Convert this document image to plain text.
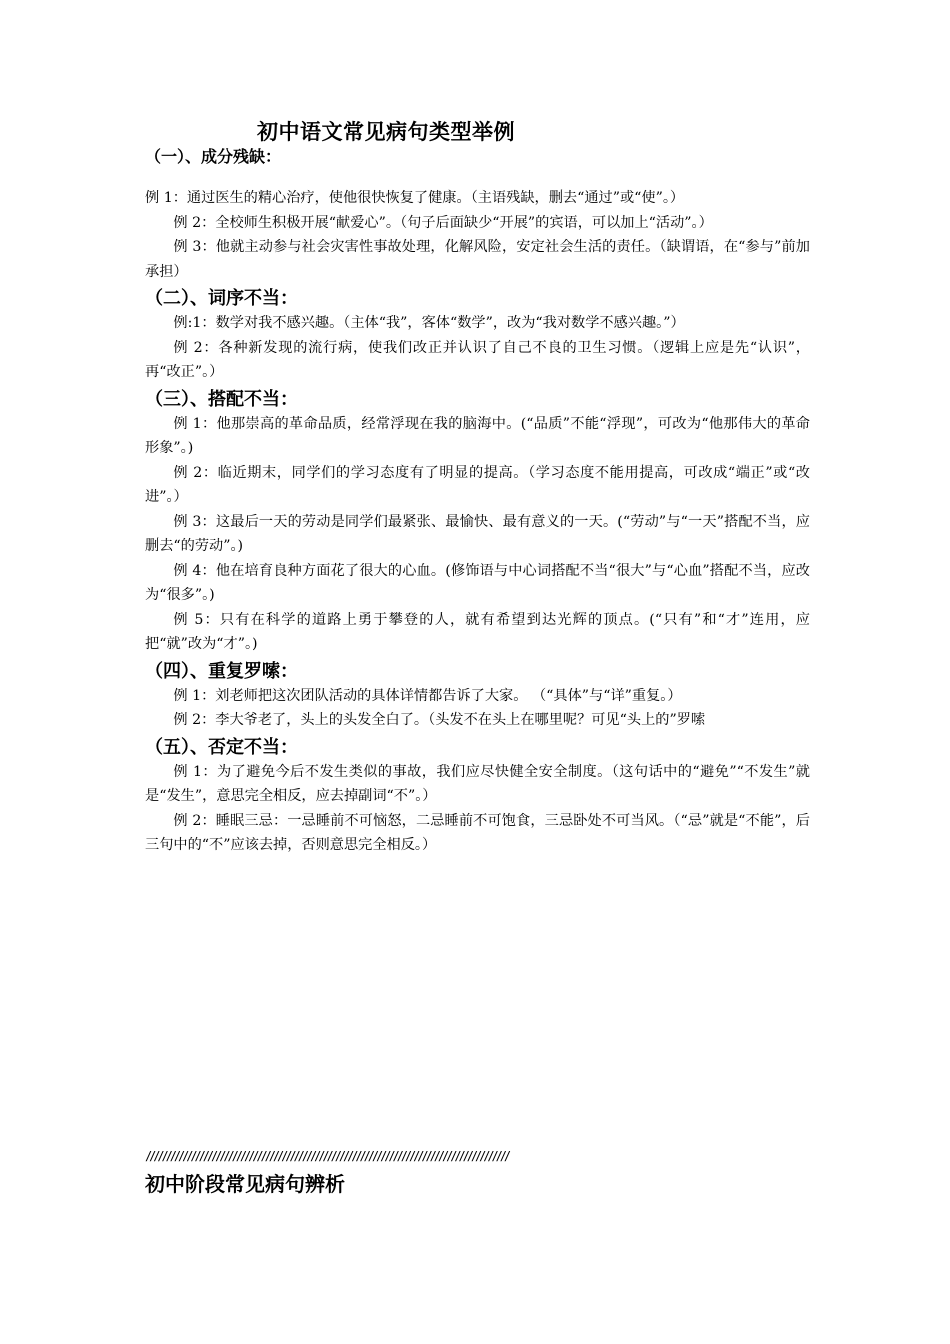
初中语文常见病句类型举例
（一）、成分残缺：

例 1：通过医生的精心治疗，使他很快恢复了健康。（主语残缺，删去“通过”或“使”。）

例 2：全校师生积极开展“献爱心”。（句子后面缺少“开展”的宾语，可以加上“活动”。）

例 3：他就主动参与社会灾害性事故处理，化解风险，安定社会生活的责任。（缺谓语，在“参与”前加承担）

（二）、词序不当：

例:1：数学对我不感兴趣。（主体“我”，客体“数学”，改为“我对数学不感兴趣。”）

例 2：各种新发现的流行病，使我们改正并认识了自己不良的卫生习惯。（逻辑上应是先“认识”，再“改正”。）

（三）、搭配不当：

例 1：他那崇高的革命品质，经常浮现在我的脑海中。(“品质”不能“浮现”，可改为“他那伟大的革命形象”。)

例 2：临近期末，同学们的学习态度有了明显的提高。（学习态度不能用提高，可改成“端正”或“改进”。）

例 3：这最后一天的劳动是同学们最紧张、最愉快、最有意义的一天。(“劳动”与“一天”搭配不当，应删去“的劳动”。)

例 4：他在培育良种方面花了很大的心血。(修饰语与中心词搭配不当“很大”与“心血”搭配不当，应改为“很多”。)

例 5：只有在科学的道路上勇于攀登的人，就有希望到达光辉的顶点。(“只有”和“才”连用，应把“就”改为“才”。)

（四）、重复罗嗦：

例 1：刘老师把这次团队活动的具体详情都告诉了大家。 （“具体”与“详”重复。）

例 2：李大爷老了，头上的头发全白了。（头发不在头上在哪里呢？可见“头上的”罗嗦

（五）、否定不当：

例 1：为了避免今后不发生类似的事故，我们应尽快健全安全制度。（这句话中的“避免”“不发生”就是“发生”，意思完全相反，应去掉副词“不”。）

例 2：睡眠三忌：一忌睡前不可恼怒，二忌睡前不可饱食，三忌卧处不可当风。（“忌”就是“不能”，后三句中的“不”应该去掉，否则意思完全相反。）

////////////////////////////////////////////////////////////////////////////////////////
初中阶段常见病句辨析
